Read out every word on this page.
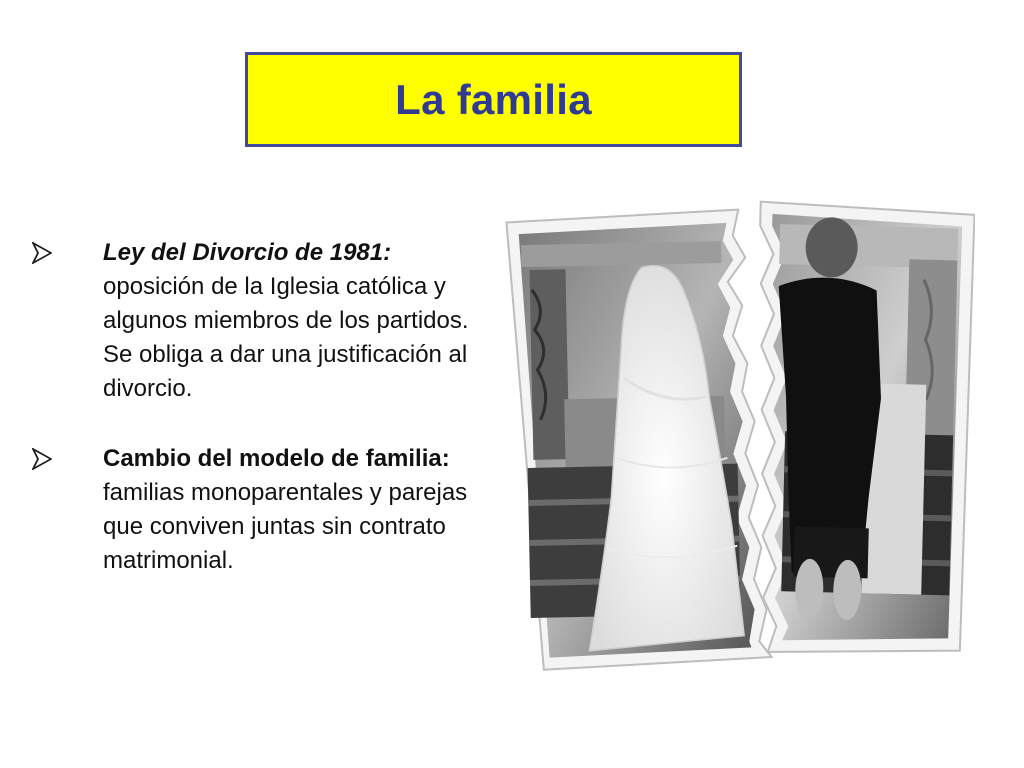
La familia
Ley del Divorcio de 1981: oposición de la Iglesia católica y algunos miembros de los partidos. Se obliga a dar una justificación al divorcio.
Cambio del modelo de familia: familias monoparentales y parejas que conviven juntas sin contrato matrimonial.
